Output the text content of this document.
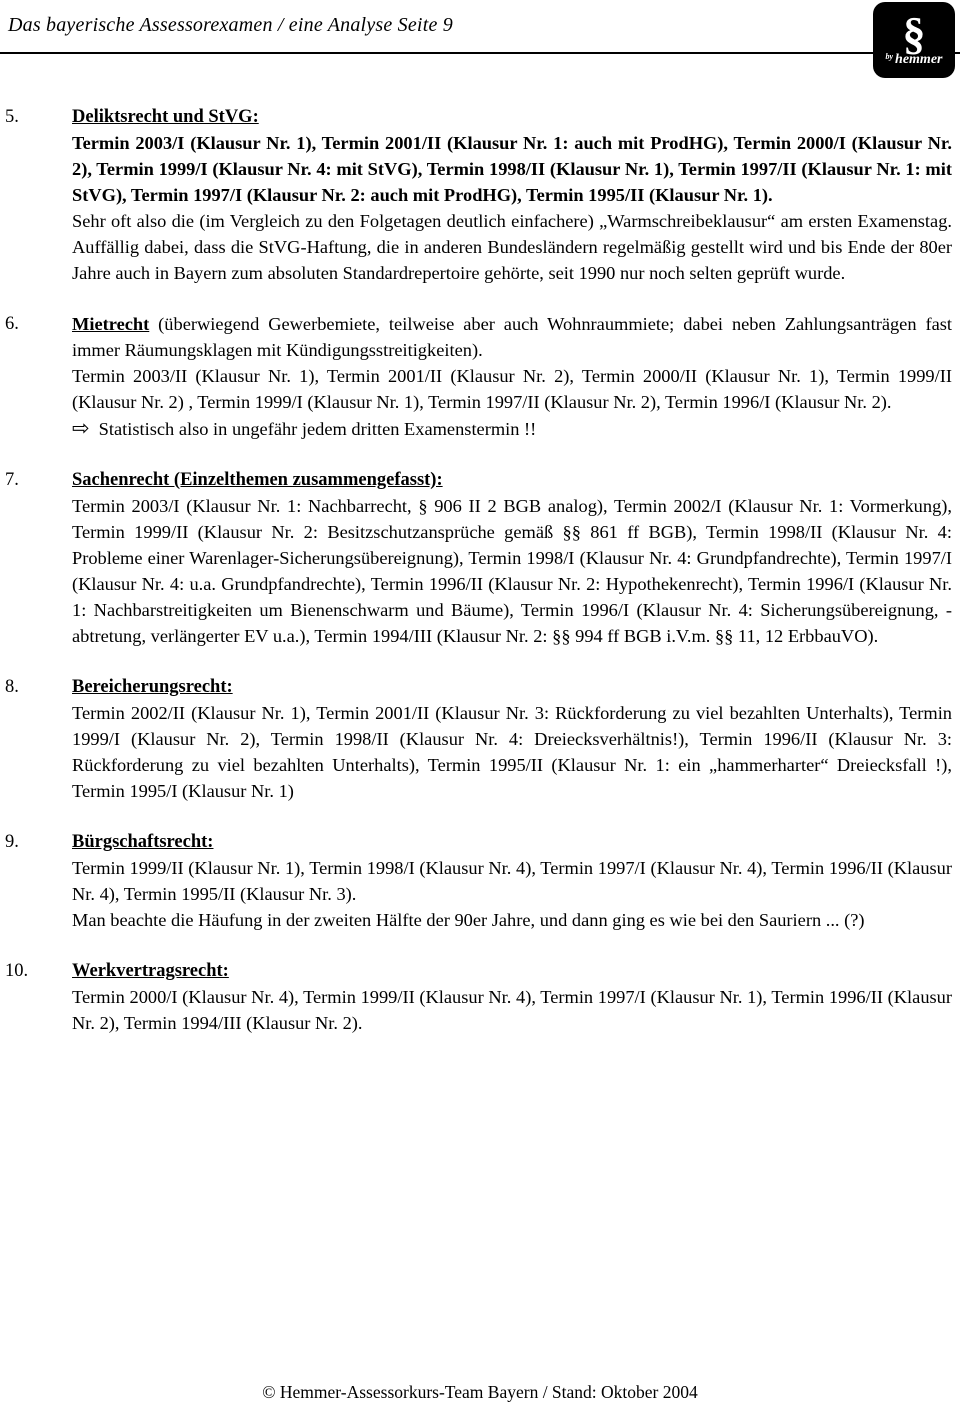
Das bayerische Assessorexamen / eine Analyse Seite 9	§
$^{by}$ hemmer
5.	Deliktsrecht und StVG:

Termin 2003/I (Klausur Nr. 1), Termin 2001/II (Klausur Nr. 1: auch mit ProdHG), Termin 2000/I (Klausur Nr. 2), Termin 1999/I (Klausur Nr. 4: mit StVG), Termin 1998/II (Klausur Nr. 1), Termin 1997/II (Klausur Nr. 1: mit StVG), Termin 1997/I (Klausur Nr. 2: auch mit ProdHG), Termin 1995/II (Klausur Nr. 1).

Sehr oft also die (im Vergleich zu den Folgetagen deutlich einfachere) „Warmschreibeklausur“ am ersten Examenstag. Auffällig dabei, dass die StVG-Haftung, die in anderen Bundesländern regelmäßig gestellt wird und bis Ende der 80er Jahre auch in Bayern zum absoluten Standardrepertoire gehörte, seit 1990 nur noch selten geprüft wurde.

6.	Mietrecht (überwiegend Gewerbemiete, teilweise aber auch Wohnraummiete; dabei neben Zahlungsanträgen fast immer Räumungsklagen mit Kündigungsstreitigkeiten).

Termin 2003/II (Klausur Nr. 1), Termin 2001/II (Klausur Nr. 2), Termin 2000/II (Klausur Nr. 1), Termin 1999/II (Klausur Nr. 2) , Termin 1999/I (Klausur Nr. 1), Termin 1997/II (Klausur Nr. 2), Termin 1996/I (Klausur Nr. 2).

⇨ Statistisch also in ungefähr jedem dritten Examenstermin !!

7.	Sachenrecht (Einzelthemen zusammengefasst):

Termin 2003/I (Klausur Nr. 1: Nachbarrecht, § 906 II 2 BGB analog), Termin 2002/I (Klausur Nr. 1: Vormerkung), Termin 1999/II (Klausur Nr. 2: Besitzschutzansprüche gemäß §§ 861 ff BGB), Termin 1998/II (Klausur Nr. 4: Probleme einer Warenlager-Sicherungsübereignung), Termin 1998/I (Klausur Nr. 4: Grundpfandrechte), Termin 1997/I (Klausur Nr. 4: u.a. Grundpfandrechte), Termin 1996/II (Klausur Nr. 2: Hypothekenrecht), Termin 1996/I (Klausur Nr. 1: Nachbarstreitigkeiten um Bienenschwarm und Bäume), Termin 1996/I (Klausur Nr. 4: Sicherungsübereignung, -abtretung, verlängerter EV u.a.), Termin 1994/III (Klausur Nr. 2: §§ 994 ff BGB i.V.m. §§ 11, 12 ErbbauVO).

8.	Bereicherungsrecht:

Termin 2002/II (Klausur Nr. 1), Termin 2001/II (Klausur Nr. 3: Rückforderung zu viel bezahlten Unterhalts), Termin 1999/I (Klausur Nr. 2), Termin 1998/II (Klausur Nr. 4: Dreiecksverhältnis!), Termin 1996/II (Klausur Nr. 3: Rückforderung zu viel bezahlten Unterhalts), Termin 1995/II (Klausur Nr. 1: ein „hammerharter“ Dreiecksfall !), Termin 1995/I (Klausur Nr. 1)

9.	Bürgschaftsrecht:

Termin 1999/II (Klausur Nr. 1), Termin 1998/I (Klausur Nr. 4), Termin 1997/I (Klausur Nr. 4), Termin 1996/II (Klausur Nr. 4), Termin 1995/II (Klausur Nr. 3).

Man beachte die Häufung in der zweiten Hälfte der 90er Jahre, und dann ging es wie bei den Sauriern ... (?)

10.	Werkvertragsrecht:

Termin 2000/I (Klausur Nr. 4), Termin 1999/II (Klausur Nr. 4), Termin 1997/I (Klausur Nr. 1), Termin 1996/II (Klausur Nr. 2), Termin 1994/III (Klausur Nr. 2).

© Hemmer-Assessorkurs-Team Bayern / Stand: Oktober 2004
